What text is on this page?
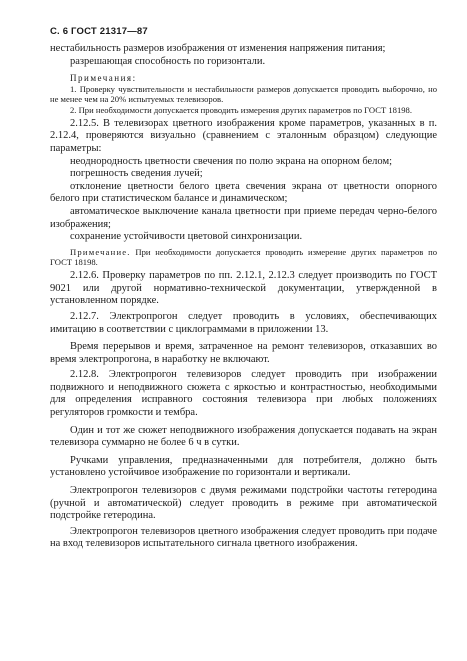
С. 6 ГОСТ 21317—87

нестабильность размеров изображения от изменения напряжения питания;

разрешающая способность по горизонтали.

Примечания:

1. Проверку чувствительности и нестабильности размеров допускается проводить выборочно, но не менее чем на 20% испытуемых телевизоров.

2. При необходимости допускается проводить измерения других параметров по ГОСТ 18198.

2.12.5. В телевизорах цветного изображения кроме параметров, указанных в п. 2.12.4, проверяются визуально (сравнением с эталонным образцом) следующие параметры:

неоднородность цветности свечения по полю экрана на опорном белом;

погрешность сведения лучей;

отклонение цветности белого цвета свечения экрана от цветности опорного белого при статистическом балансе и динамическом;

автоматическое выключение канала цветности при приеме передач черно-белого изображения;

сохранение устойчивости цветовой синхронизации.

Примечание. При необходимости допускается проводить измерение других параметров по ГОСТ 18198.

2.12.6. Проверку параметров по пп. 2.12.1, 2.12.3 следует производить по ГОСТ 9021 или другой нормативно-технической документации, утвержденной в установленном порядке.

2.12.7. Электропрогон следует проводить в условиях, обеспечивающих имитацию в соответствии с циклограммами в приложении 13.

Время перерывов и время, затраченное на ремонт телевизоров, отказавших во время электропрогона, в наработку не включают.

2.12.8. Электропрогон телевизоров следует проводить при изображении подвижного и неподвижного сюжета с яркостью и контрастностью, необходимыми для определения исправного состояния телевизора при любых положениях регуляторов громкости и тембра.

Один и тот же сюжет неподвижного изображения допускается подавать на экран телевизора суммарно не более 6 ч в сутки.

Ручками управления, предназначенными для потребителя, должно быть установлено устойчивое изображение по горизонтали и вертикали.

Электропрогон телевизоров с двумя режимами подстройки частоты гетеродина (ручной и автоматической) следует проводить в режиме при автоматической подстройке гетеродина.

Электропрогон телевизоров цветного изображения следует проводить при подаче на вход телевизоров испытательного сигнала цветного изображения.
